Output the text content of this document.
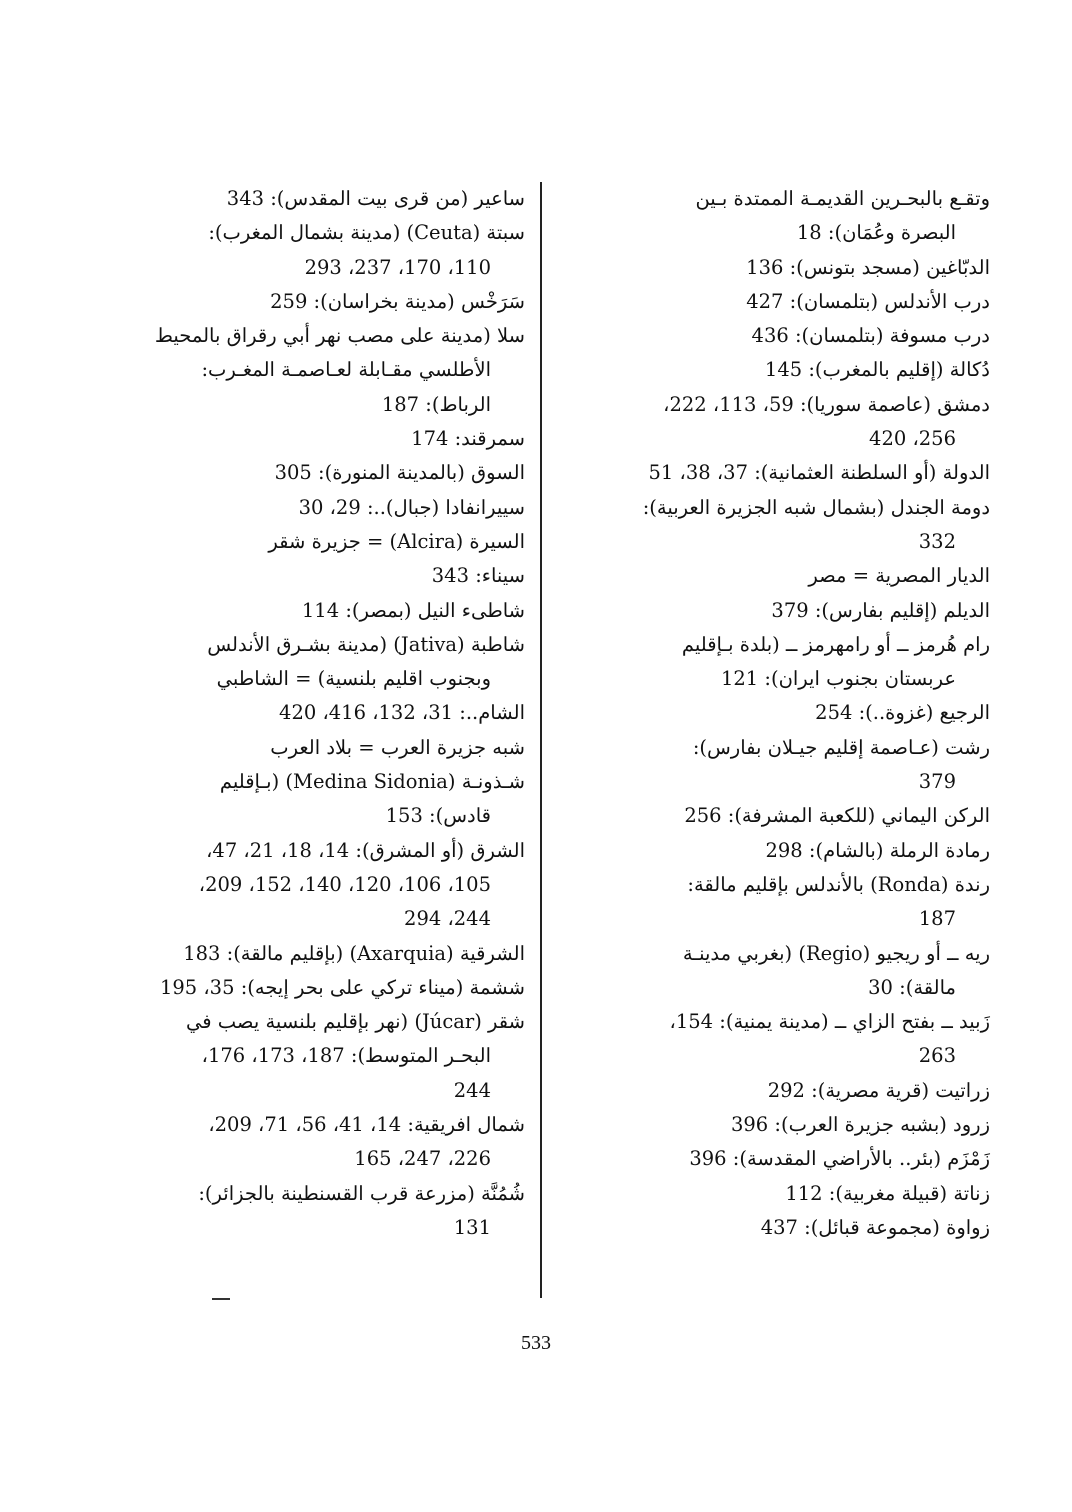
وتقـع بالبحـرين القديمـة الممتدة بـين
البصرة وعُمَان): 18
الدبّاغين (مسجد بتونس): 136
درب الأندلس (بتلمسان): 427
درب مسوفة (بتلمسان): 436
دُكالة (إقليم بالمغرب): 145
دمشق (عاصمة سوريا): 59، 113، 222،
256، 420
الدولة (أو السلطنة العثمانية): 37، 38، 51
دومة الجندل (بشمال شبه الجزيرة العربية):
332
الديار المصرية = مصر
الديلم (إقليم بفارس): 379
رام هُرمز ــ أو رامهرمز ــ (بلدة بـإقليم
عربستان بجنوب ايران): 121
الرجيع (غزوة..): 254
رشت (عـاصمة إقليم جيـلان بفارس):
379
الركن اليماني (للكعبة المشرفة): 256
رمادة الرملة (بالشام): 298
رندة (Ronda) بالأندلس بإقليم مالقة:
187
ريه ــ أو ريجيو (Regio) (بغربي مدينـة
مالقة): 30
زَبيد ــ بفتح الزاي ــ (مدينة يمنية): 154،
263
زراتيت (قرية مصرية): 292
زرود (بشبه جزيرة العرب): 396
زَمْزَم (بئر.. بالأراضي المقدسة): 396
زناتة (قبيلة مغربية): 112
زواوة (مجموعة قبائل): 437
ساعير (من قرى بيت المقدس): 343
سبتة (Ceuta) (مدينة بشمال المغرب):
110، 170، 237، 293
سَرَخْس (مدينة بخراسان): 259
سلا (مدينة على مصب نهر أبي رقراق بالمحيط
الأطلسي مقـابلة لعـاصمـة المغـرب:
الرباط): 187
سمرقند: 174
السوق (بالمدينة المنورة): 305
سييرانفادا (جبال)..: 29، 30
السيرة (Alcira) = جزيرة شقر
سيناء: 343
شاطىء النيل (بمصر): 114
شاطبة (Jativa) (مدينة بشـرق الأندلس
وبجنوب اقليم بلنسية) = الشاطبي
الشام..: 31، 132، 416، 420
شبه جزيرة العرب = بلاد العرب
شـذونـة (Medina Sidonia) (بـإقليم
قادس): 153
الشرق (أو المشرق): 14، 18، 21، 47،
105، 106، 120، 140، 152، 209،
244، 294
الشرقية (Axarquia) (بإقليم مالقة): 183
ششمة (ميناء تركي على بحر إيجه): 35، 195
شقر (Júcar) (نهر بإقليم بلنسية يصب في
البحـر المتوسط): 187، 173، 176،
244
شمال افريقية: 14، 41، 56، 71، 209،
226، 247، 165
شُمُنَّة (مزرعة قرب القسنطينة بالجزائر):
131
533
